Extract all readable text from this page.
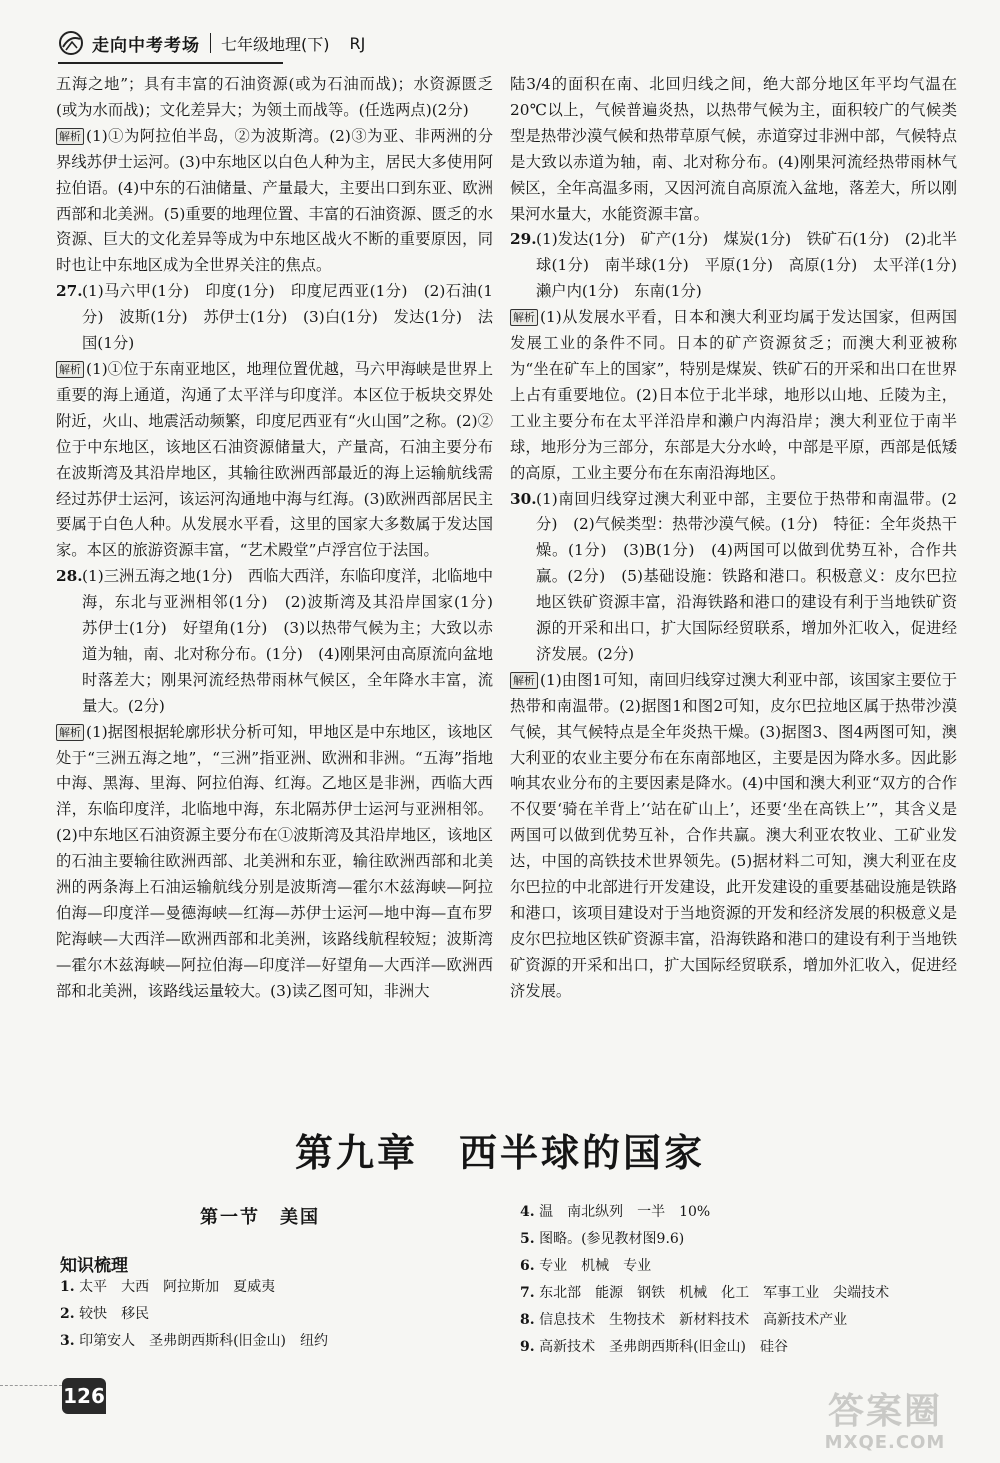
走向中考考场 七年级地理(下) RJ

五海之地”；具有丰富的石油资源(或为石油而战)；水资源匮乏(或为水而战)；文化差异大；为领土而战等。(任选两点)(2分)

解析 (1)①为阿拉伯半岛，②为波斯湾。(2)③为亚、非两洲的分界线苏伊士运河。(3)中东地区以白色人种为主，居民大多使用阿拉伯语。(4)中东的石油储量、产量最大，主要出口到东亚、欧洲西部和北美洲。(5)重要的地理位置、丰富的石油资源、匮乏的水资源、巨大的文化差异等成为中东地区战火不断的重要原因，同时也让中东地区成为全世界关注的焦点。

27.(1)马六甲(1分)　印度(1分)　印度尼西亚(1分)　(2)石油(1分)　波斯(1分)　苏伊士(1分)　(3)白(1分)　发达(1分)　法国(1分)

解析 (1)①位于东南亚地区，地理位置优越，马六甲海峡是世界上重要的海上通道，沟通了太平洋与印度洋。本区位于板块交界处附近，火山、地震活动频繁，印度尼西亚有“火山国”之称。(2)②位于中东地区，该地区石油资源储量大，产量高，石油主要分布在波斯湾及其沿岸地区，其输往欧洲西部最近的海上运输航线需经过苏伊士运河，该运河沟通地中海与红海。(3)欧洲西部居民主要属于白色人种。从发展水平看，这里的国家大多数属于发达国家。本区的旅游资源丰富，“艺术殿堂”卢浮宫位于法国。

28.(1)三洲五海之地(1分)　西临大西洋，东临印度洋，北临地中海，东北与亚洲相邻(1分)　(2)波斯湾及其沿岸国家(1分)　苏伊士(1分)　好望角(1分)　(3)以热带气候为主；大致以赤道为轴，南、北对称分布。(1分)　(4)刚果河由高原流向盆地时落差大；刚果河流经热带雨林气候区，全年降水丰富，流量大。(2分)

解析 (1)据图根据轮廓形状分析可知，甲地区是中东地区，该地区处于“三洲五海之地”，“三洲”指亚洲、欧洲和非洲。“五海”指地中海、黑海、里海、阿拉伯海、红海。乙地区是非洲，西临大西洋，东临印度洋，北临地中海，东北隔苏伊士运河与亚洲相邻。(2)中东地区石油资源主要分布在①波斯湾及其沿岸地区，该地区的石油主要输往欧洲西部、北美洲和东亚，输往欧洲西部和北美洲的两条海上石油运输航线分别是波斯湾—霍尔木兹海峡—阿拉伯海—印度洋—曼德海峡—红海—苏伊士运河—地中海—直布罗陀海峡—大西洋—欧洲西部和北美洲，该路线航程较短；波斯湾—霍尔木兹海峡—阿拉伯海—印度洋—好望角—大西洋—欧洲西部和北美洲，该路线运量较大。(3)读乙图可知，非洲大

陆3/4的面积在南、北回归线之间，绝大部分地区年平均气温在20℃以上，气候普遍炎热，以热带气候为主，面积较广的气候类型是热带沙漠气候和热带草原气候，赤道穿过非洲中部，气候特点是大致以赤道为轴，南、北对称分布。(4)刚果河流经热带雨林气候区，全年高温多雨，又因河流自高原流入盆地，落差大，所以刚果河水量大，水能资源丰富。

29.(1)发达(1分)　矿产(1分)　煤炭(1分)　铁矿石(1分)　(2)北半球(1分)　南半球(1分)　平原(1分)　高原(1分)　太平洋(1分)　濑户内(1分)　东南(1分)

解析 (1)从发展水平看，日本和澳大利亚均属于发达国家，但两国发展工业的条件不同。日本的矿产资源贫乏；而澳大利亚被称为“坐在矿车上的国家”，特别是煤炭、铁矿石的开采和出口在世界上占有重要地位。(2)日本位于北半球，地形以山地、丘陵为主，工业主要分布在太平洋沿岸和濑户内海沿岸；澳大利亚位于南半球，地形分为三部分，东部是大分水岭，中部是平原，西部是低矮的高原，工业主要分布在东南沿海地区。

30.(1)南回归线穿过澳大利亚中部，主要位于热带和南温带。(2分)　(2)气候类型：热带沙漠气候。(1分)　特征：全年炎热干燥。(1分)　(3)B(1分)　(4)两国可以做到优势互补，合作共赢。(2分)　(5)基础设施：铁路和港口。积极意义：皮尔巴拉地区铁矿资源丰富，沿海铁路和港口的建设有利于当地铁矿资源的开采和出口，扩大国际经贸联系，增加外汇收入，促进经济发展。(2分)

解析 (1)由图1可知，南回归线穿过澳大利亚中部，该国家主要位于热带和南温带。(2)据图1和图2可知，皮尔巴拉地区属于热带沙漠气候，其气候特点是全年炎热干燥。(3)据图3、图4两图可知，澳大利亚的农业主要分布在东南部地区，主要是因为降水多。因此影响其农业分布的主要因素是降水。(4)中国和澳大利亚“双方的合作不仅要‘骑在羊背上’‘站在矿山上’，还要‘坐在高铁上’”，其含义是两国可以做到优势互补，合作共赢。澳大利亚农牧业、工矿业发达，中国的高铁技术世界领先。(5)据材料二可知，澳大利亚在皮尔巴拉的中北部进行开发建设，此开发建设的重要基础设施是铁路和港口，该项目建设对于当地资源的开发和经济发展的积极意义是皮尔巴拉地区铁矿资源丰富，沿海铁路和港口的建设有利于当地铁矿资源的开采和出口，扩大国际经贸联系，增加外汇收入，促进经济发展。

第九章　西半球的国家
第一节　美国
知识梳理
1. 太平　大西　阿拉斯加　夏威夷
2. 较快　移民
3. 印第安人　圣弗朗西斯科(旧金山)　纽约
4. 温　南北纵列　一半　10%
5. 图略。(参见教材图9.6)
6. 专业　机械　专业
7. 东北部　能源　钢铁　机械　化工　军事工业　尖端技术
8. 信息技术　生物技术　新材料技术　高新技术产业
9. 高新技术　圣弗朗西斯科(旧金山)　硅谷
126	答案圈
MXQE.COM
